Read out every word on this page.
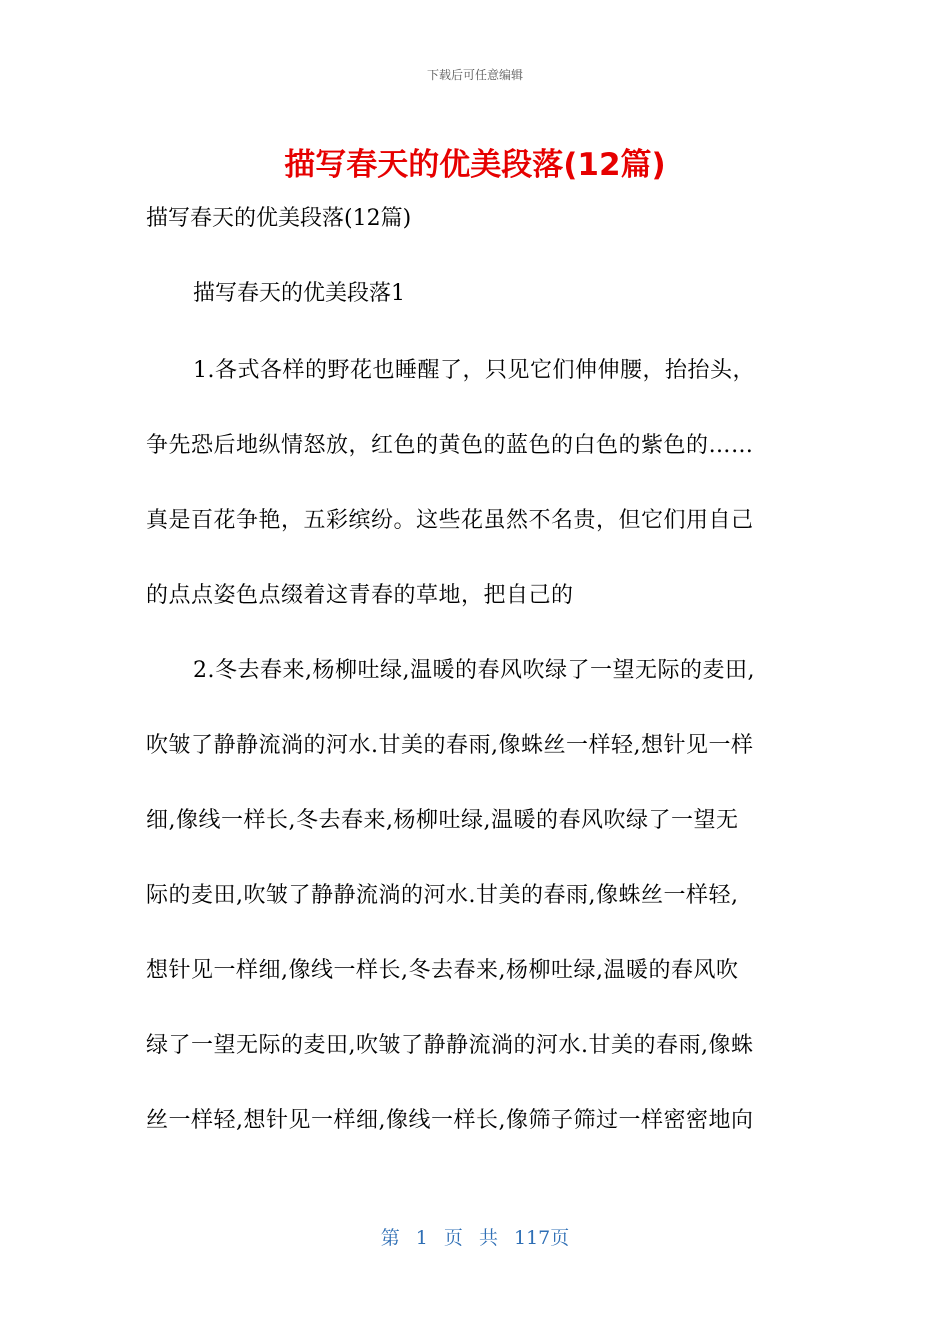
下载后可任意编辑
描写春天的优美段落(12篇)
描写春天的优美段落(12篇)
描写春天的优美段落1
1.各式各样的野花也睡醒了，只见它们伸伸腰，抬抬头，
争先恐后地纵情怒放，红色的黄色的蓝色的白色的紫色的……
真是百花争艳，五彩缤纷。这些花虽然不名贵，但它们用自己
的点点姿色点缀着这青春的草地，把自己的
2.冬去春来,杨柳吐绿,温暖的春风吹绿了一望无际的麦田,
吹皱了静静流淌的河水.甘美的春雨,像蛛丝一样轻,想针见一样
细,像线一样长,冬去春来,杨柳吐绿,温暖的春风吹绿了一望无
际的麦田,吹皱了静静流淌的河水.甘美的春雨,像蛛丝一样轻,
想针见一样细,像线一样长,冬去春来,杨柳吐绿,温暖的春风吹
绿了一望无际的麦田,吹皱了静静流淌的河水.甘美的春雨,像蛛
丝一样轻,想针见一样细,像线一样长,像筛子筛过一样密密地向
第 1 页 共 117页
